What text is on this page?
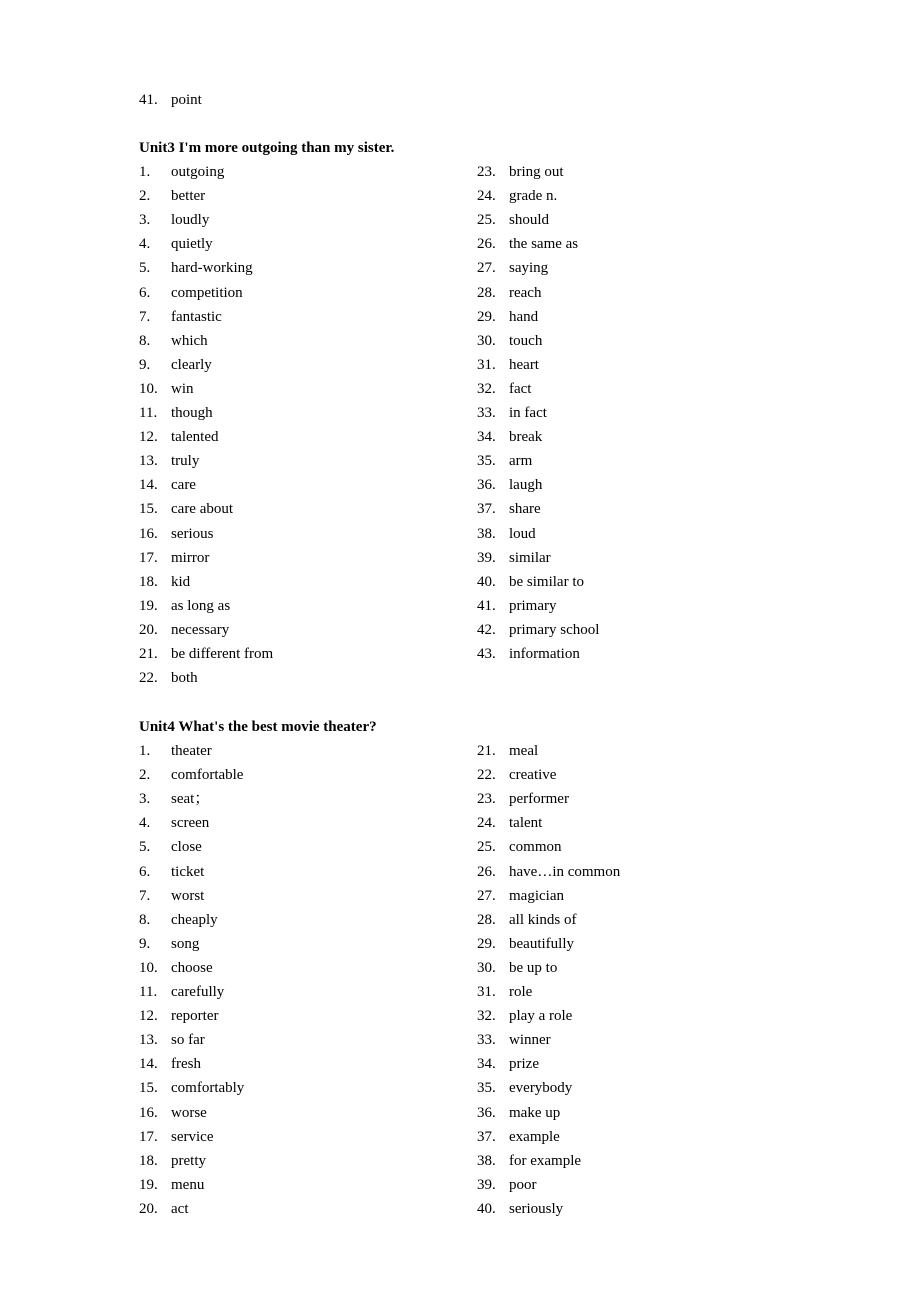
41. point
Unit3 I'm more outgoing than my sister.
1.	outgoing
2.	better
3.	loudly
4.	quietly
5.	hard-working
6.	competition
7.	fantastic
8.	which
9.	clearly
10. win
11. though
12. talented
13. truly
14. care
15. care about
16. serious
17. mirror
18. kid
19. as long as
20. necessary
21. be different from
22. both
23. bring out
24. grade n.
25. should
26. the same as
27. saying
28. reach
29. hand
30. touch
31. heart
32. fact
33. in fact
34. break
35. arm
36. laugh
37. share
38. loud
39. similar
40. be similar to
41. primary
42. primary school
43. information
Unit4 What's the best movie theater?
1.	theater
2.	comfortable
3.	seat；
4.	screen
5.	close
6.	ticket
7.	worst
8.	cheaply
9.	song
10. choose
11. carefully
12. reporter
13. so far
14. fresh
15. comfortably
16. worse
17. service
18. pretty
19. menu
20. act
21. meal
22. creative
23. performer
24. talent
25. common
26. have…in common
27. magician
28. all kinds of
29. beautifully
30. be up to
31. role
32. play a role
33. winner
34. prize
35. everybody
36. make up
37. example
38. for example
39. poor
40. seriously
